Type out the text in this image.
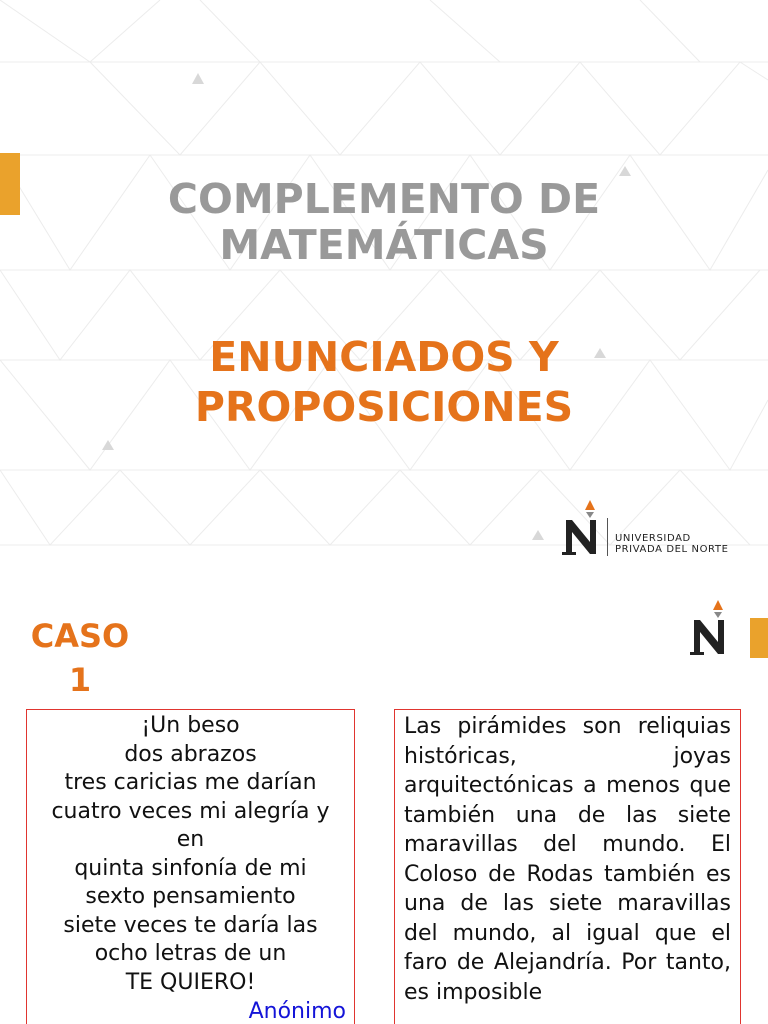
COMPLEMENTO DE
MATEMÁTICAS
ENUNCIADOS Y
PROPOSICIONES
UNIVERSIDAD
PRIVADA DEL NORTE
CASO
1
¡Un beso
dos abrazos
tres caricias me darían
cuatro veces mi alegría y
en
quinta sinfonía de mi
sexto pensamiento
siete veces te daría las
ocho letras de un
TE QUIERO!
Anónimo

Las pirámides son reliquias históricas, joyas arquitectónicas a menos que también una de las siete maravillas del mundo. El Coloso de Rodas también es una de las siete maravillas del mundo, al igual que el faro de Alejandría. Por tanto, es imposible
